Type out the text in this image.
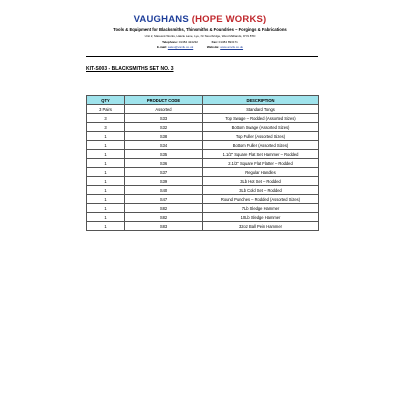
VAUGHANS (HOPE WORKS)
Tools & Equipment for Blacksmiths, Thinsmiths & Foundries – Forgings & Fabrications
Unit 2, Maresnk Works, Hatcle Lane, Lye, Nr Stourbridge, West Midlands, DY9 8TD
Telephone: 01384 424232	Fax: 01384 893171
E-mail: sales@vanfu.co.uk	Website: www.anvils.co.uk
KIT-S003 - BLACKSMITHS SET NO. 3
QTY	PRODUCT CODE	DESCRIPTION
3 Pairs	Assorted	Standard Tongs
3	S33	Top Swage – Rodded (Assorted Sizes)
3	S32	Bottom Swage (Assorted Sizes)
1	S38	Top Fuller (Assorted Sizes)
1	S34	Bottom Fuller (Assorted Sizes)
1	S35	1.1/2" Square Flat Set Hammer – Rodded
1	S36	2.1/2" Square Flat Flatter – Rodded
1	S37	Regular Handles
1	S39	3Lb Hot Set – Rodded
1	S40	3Lb Cold Set – Rodded
1	S47	Round Punches – Rodded (Assorted Sizes)
1	S82	7Lb Sledge Hammer
1	S82	10Lb Sledge Hammer
1	S83	32oz Ball Pein Hammer
